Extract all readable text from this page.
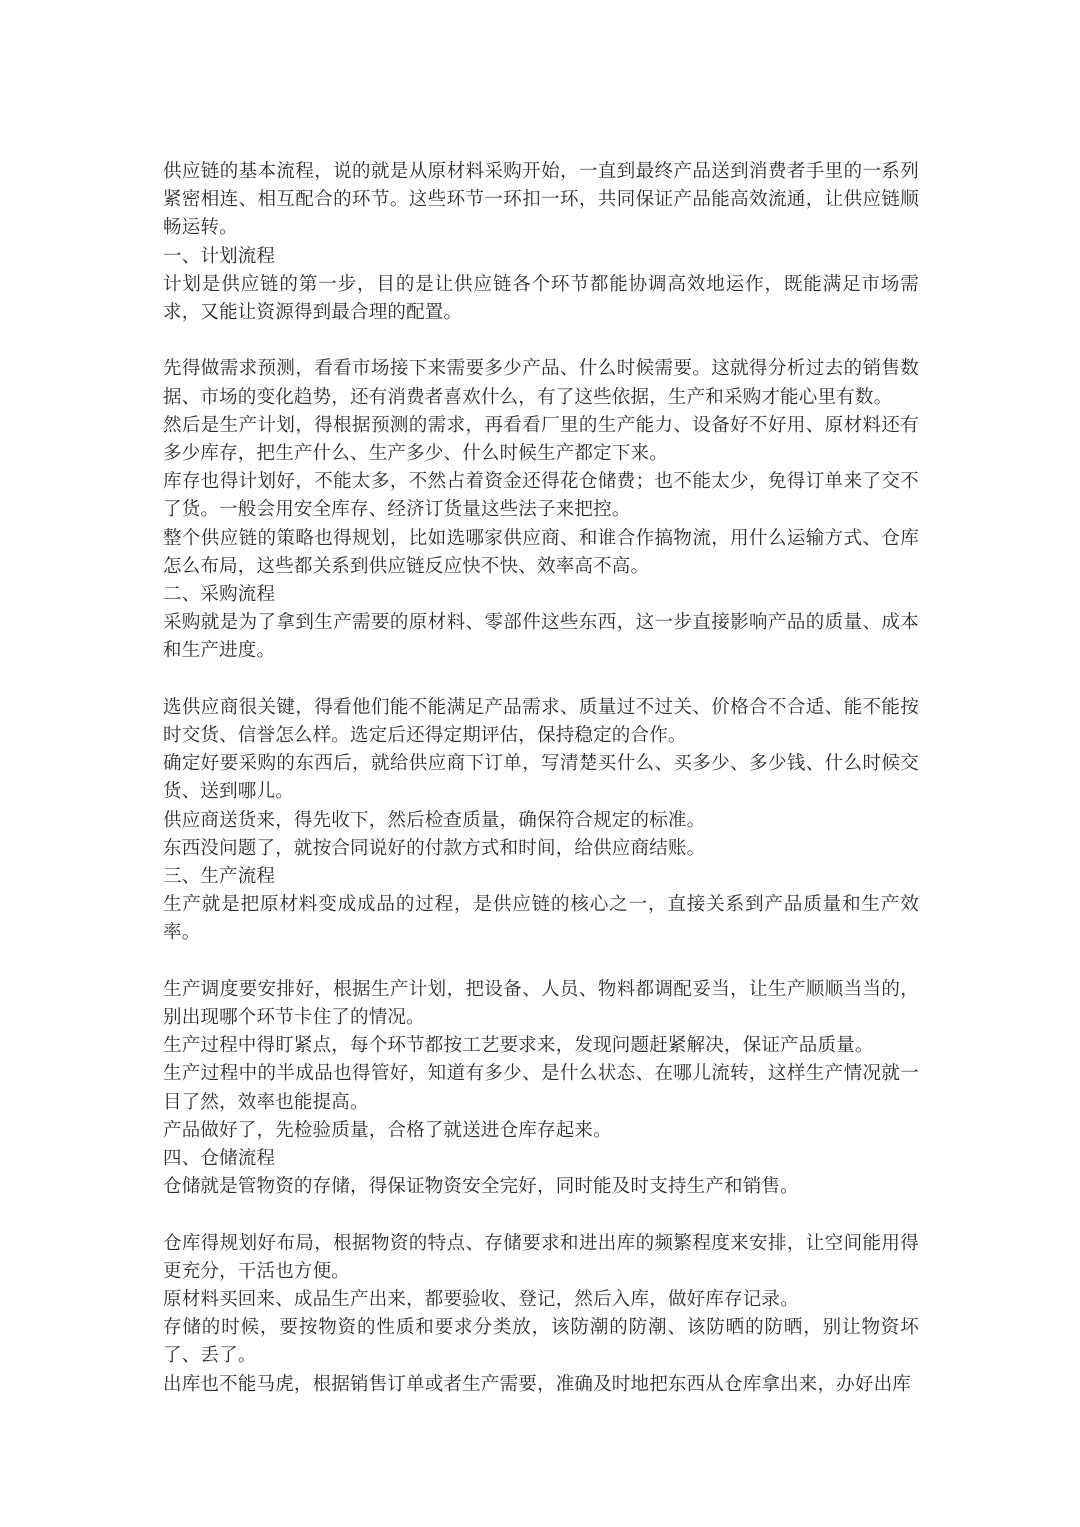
供应链的基本流程，说的就是从原材料采购开始，一直到最终产品送到消费者手里的一系列紧密相连、相互配合的环节。这些环节一环扣一环，共同保证产品能高效流通，让供应链顺畅运转。

一、计划流程

计划是供应链的第一步，目的是让供应链各个环节都能协调高效地运作，既能满足市场需求，又能让资源得到最合理的配置。

先得做需求预测，看看市场接下来需要多少产品、什么时候需要。这就得分析过去的销售数据、市场的变化趋势，还有消费者喜欢什么，有了这些依据，生产和采购才能心里有数。

然后是生产计划，得根据预测的需求，再看看厂里的生产能力、设备好不好用、原材料还有多少库存，把生产什么、生产多少、什么时候生产都定下来。

库存也得计划好，不能太多，不然占着资金还得花仓储费；也不能太少，免得订单来了交不了货。一般会用安全库存、经济订货量这些法子来把控。

整个供应链的策略也得规划，比如选哪家供应商、和谁合作搞物流，用什么运输方式、仓库怎么布局，这些都关系到供应链反应快不快、效率高不高。

二、采购流程

采购就是为了拿到生产需要的原材料、零部件这些东西，这一步直接影响产品的质量、成本和生产进度。

选供应商很关键，得看他们能不能满足产品需求、质量过不过关、价格合不合适、能不能按时交货、信誉怎么样。选定后还得定期评估，保持稳定的合作。

确定好要采购的东西后，就给供应商下订单，写清楚买什么、买多少、多少钱、什么时候交货、送到哪儿。

供应商送货来，得先收下，然后检查质量，确保符合规定的标准。

东西没问题了，就按合同说好的付款方式和时间，给供应商结账。

三、生产流程

生产就是把原材料变成成品的过程，是供应链的核心之一，直接关系到产品质量和生产效率。

生产调度要安排好，根据生产计划，把设备、人员、物料都调配妥当，让生产顺顺当当的，别出现哪个环节卡住了的情况。

生产过程中得盯紧点，每个环节都按工艺要求来，发现问题赶紧解决，保证产品质量。

生产过程中的半成品也得管好，知道有多少、是什么状态、在哪儿流转，这样生产情况就一目了然，效率也能提高。

产品做好了，先检验质量，合格了就送进仓库存起来。

四、仓储流程

仓储就是管物资的存储，得保证物资安全完好，同时能及时支持生产和销售。

仓库得规划好布局，根据物资的特点、存储要求和进出库的频繁程度来安排，让空间能用得更充分，干活也方便。

原材料买回来、成品生产出来，都要验收、登记，然后入库，做好库存记录。

存储的时候，要按物资的性质和要求分类放，该防潮的防潮、该防晒的防晒，别让物资坏了、丢了。

出库也不能马虎，根据销售订单或者生产需要，准确及时地把东西从仓库拿出来，办好出库
